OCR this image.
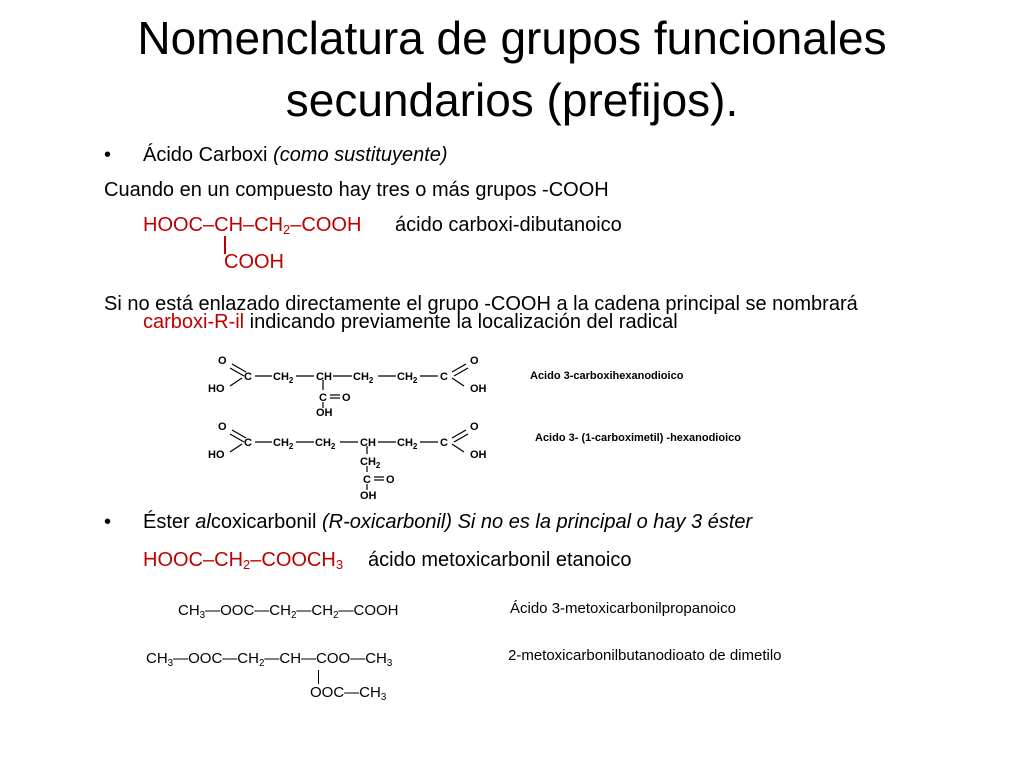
Nomenclatura de grupos funcionales
secundarios (prefijos).
• Ácido Carboxi (como sustituyente)
Cuando en un compuesto hay tres o más grupos -COOH
HOOC–$CH-CH_2$–COOH ácido carboxi-dibutanoico
COOH
Si no está enlazado directamente el grupo -COOH a la cadena principal se nombrará
carboxi-R-il indicando previamente la localización del radical
O
HO
C $CH_2$ CH $CH_2$ $CH_2$ C
O
OH
C O
OH
Acido 3-carboxihexanodioico
O
HO
C $CH_2$ $CH_2$ CH $CH_2$ C
O
OH
$CH_2$
C O
OH
Acido 3- (1-carboximetil) -hexanodioico
• Éster alcoxicarbonil (R-oxicarbonil) Si no es la principal o hay 3 éster
HOOC–$CH_2-COOCH_3$ ácido metoxicarbonil etanoico
$CH_3—OOC—CH_2—CH_2—COOH$	Ácido 3-metoxicarbonilpropanoico
$CH_3—OOC—CH_2—CH—COO—CH_3$
$OOC—CH_3$
2-metoxicarbonilbutanodioato de dimetilo
